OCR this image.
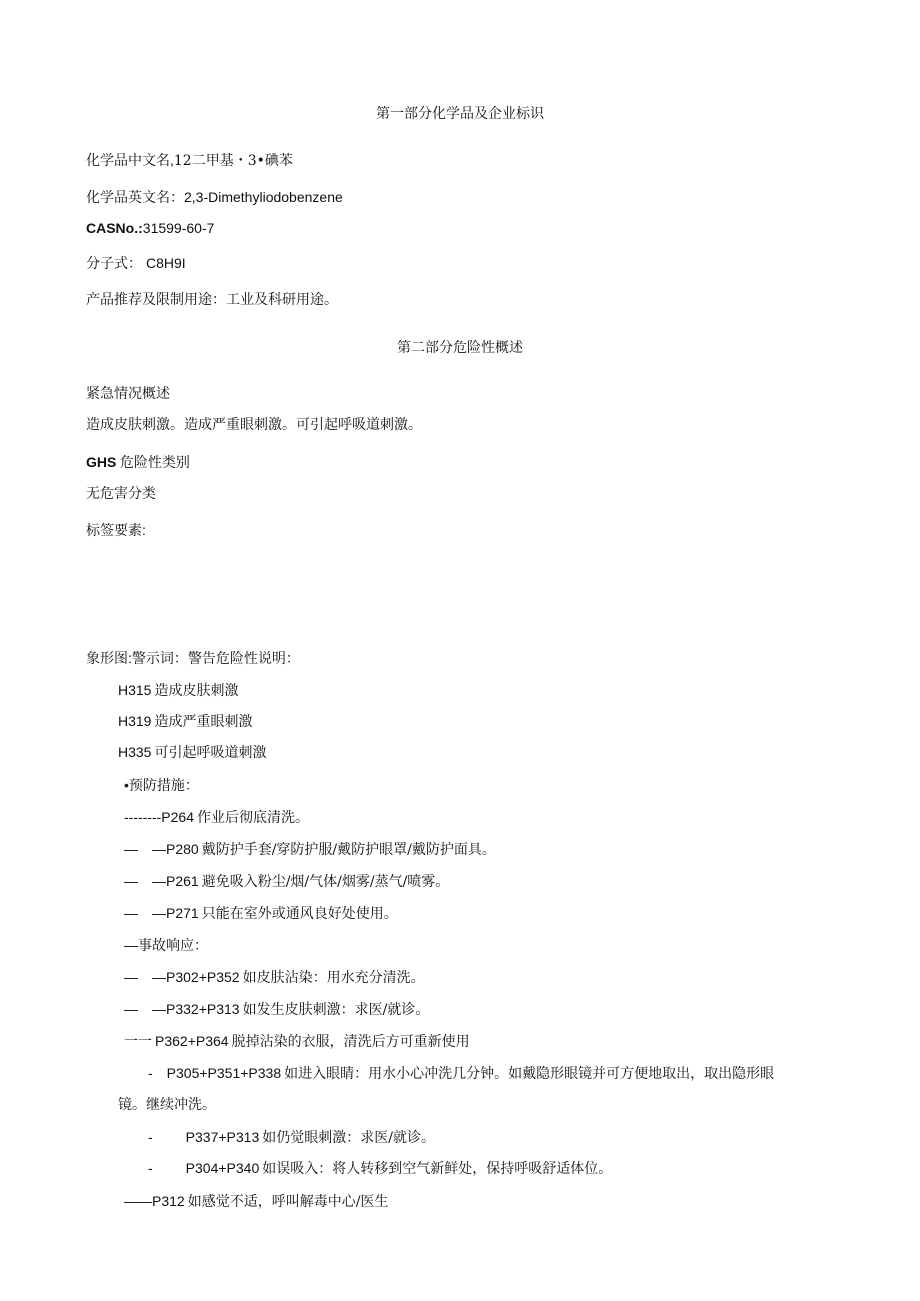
第一部分化学品及企业标识
化学品中文名,12二甲基・3•碘苯
化学品英文名：2,3-Dimethyliodobenzene
CASNo.:31599-60-7
分子式： C8H9I
产品推荐及限制用途：工业及科研用途。
第二部分危险性概述
紧急情况概述
造成皮肤刺激。造成严重眼刺激。可引起呼吸道刺激。
GHS 危险性类别
无危害分类
标签要素:
象形图:警示词：警告危险性说明：
H315 造成皮肤刺激
H319 造成严重眼刺激
H335 可引起呼吸道刺激
•预防措施：
--------P264 作业后彻底清洗。
—　—P280 戴防护手套/穿防护服/戴防护眼罩/戴防护面具。
—　—P261 避免吸入粉尘/烟/气体/烟雾/蒸气/喷雾。
—　—P271 只能在室外或通风良好处使用。
—事故响应：
—　—P302+P352 如皮肤沾染：用水充分清洗。
—　—P332+P313 如发生皮肤刺激：求医/就诊。
一一 P362+P364 脱掉沾染的衣服，清洗后方可重新使用
- P305+P351+P338 如进入眼睛：用水小心冲洗几分钟。如戴隐形眼镜并可方便地取出，取出隐形眼
镜。继续冲洗。
- P337+P313 如仍觉眼刺激：求医/就诊。
- P304+P340 如误吸入：将人转移到空气新鲜处，保持呼吸舒适体位。
——P312 如感觉不适，呼叫解毒中心/医生
